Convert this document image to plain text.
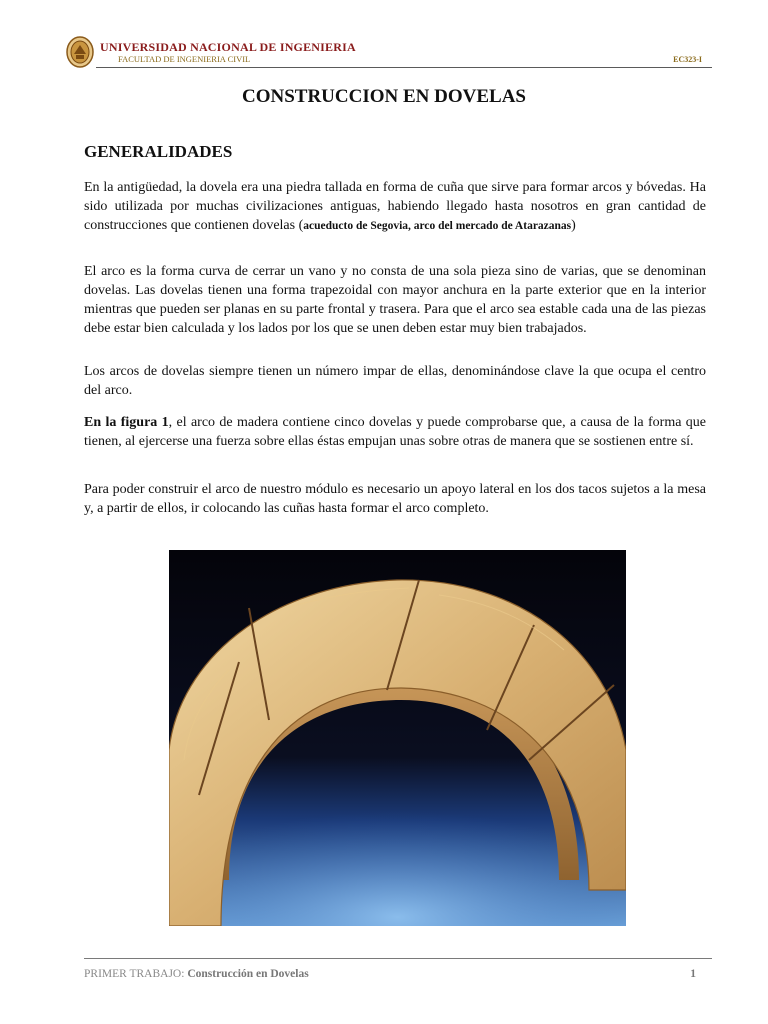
UNIVERSIDAD NACIONAL DE INGENIERIA
FACULTAD DE INGENIERIA CIVIL	EC323-I
CONSTRUCCION EN DOVELAS
GENERALIDADES

En la antigüedad, la dovela era una piedra tallada en forma de cuña que sirve para formar arcos y bóvedas. Ha sido utilizada por muchas civilizaciones antiguas, habiendo llegado hasta nosotros en gran cantidad de construcciones que contienen dovelas (acueducto de Segovia, arco del mercado de Atarazanas)

El arco es la forma curva de cerrar un vano y no consta de una sola pieza sino de varias, que se denominan dovelas. Las dovelas tienen una forma trapezoidal con mayor anchura en la parte exterior que en la interior mientras que pueden ser planas en su parte frontal y trasera. Para que el arco sea estable cada una de las piezas debe estar bien calculada y los lados por los que se unen deben estar muy bien trabajados.

Los arcos de dovelas siempre tienen un número impar de ellas, denominándose clave la que ocupa el centro del arco.

En la figura 1, el arco de madera contiene cinco dovelas y puede comprobarse que, a causa de la forma que tienen, al ejercerse una fuerza sobre ellas éstas empujan unas sobre otras de manera que se sostienen entre sí.

Para poder construir el arco de nuestro módulo es necesario un apoyo lateral en los dos tacos sujetos a la mesa y, a partir de ellos, ir colocando las cuñas hasta formar el arco completo.

PRIMER TRABAJO: Construcción en Dovelas	1
